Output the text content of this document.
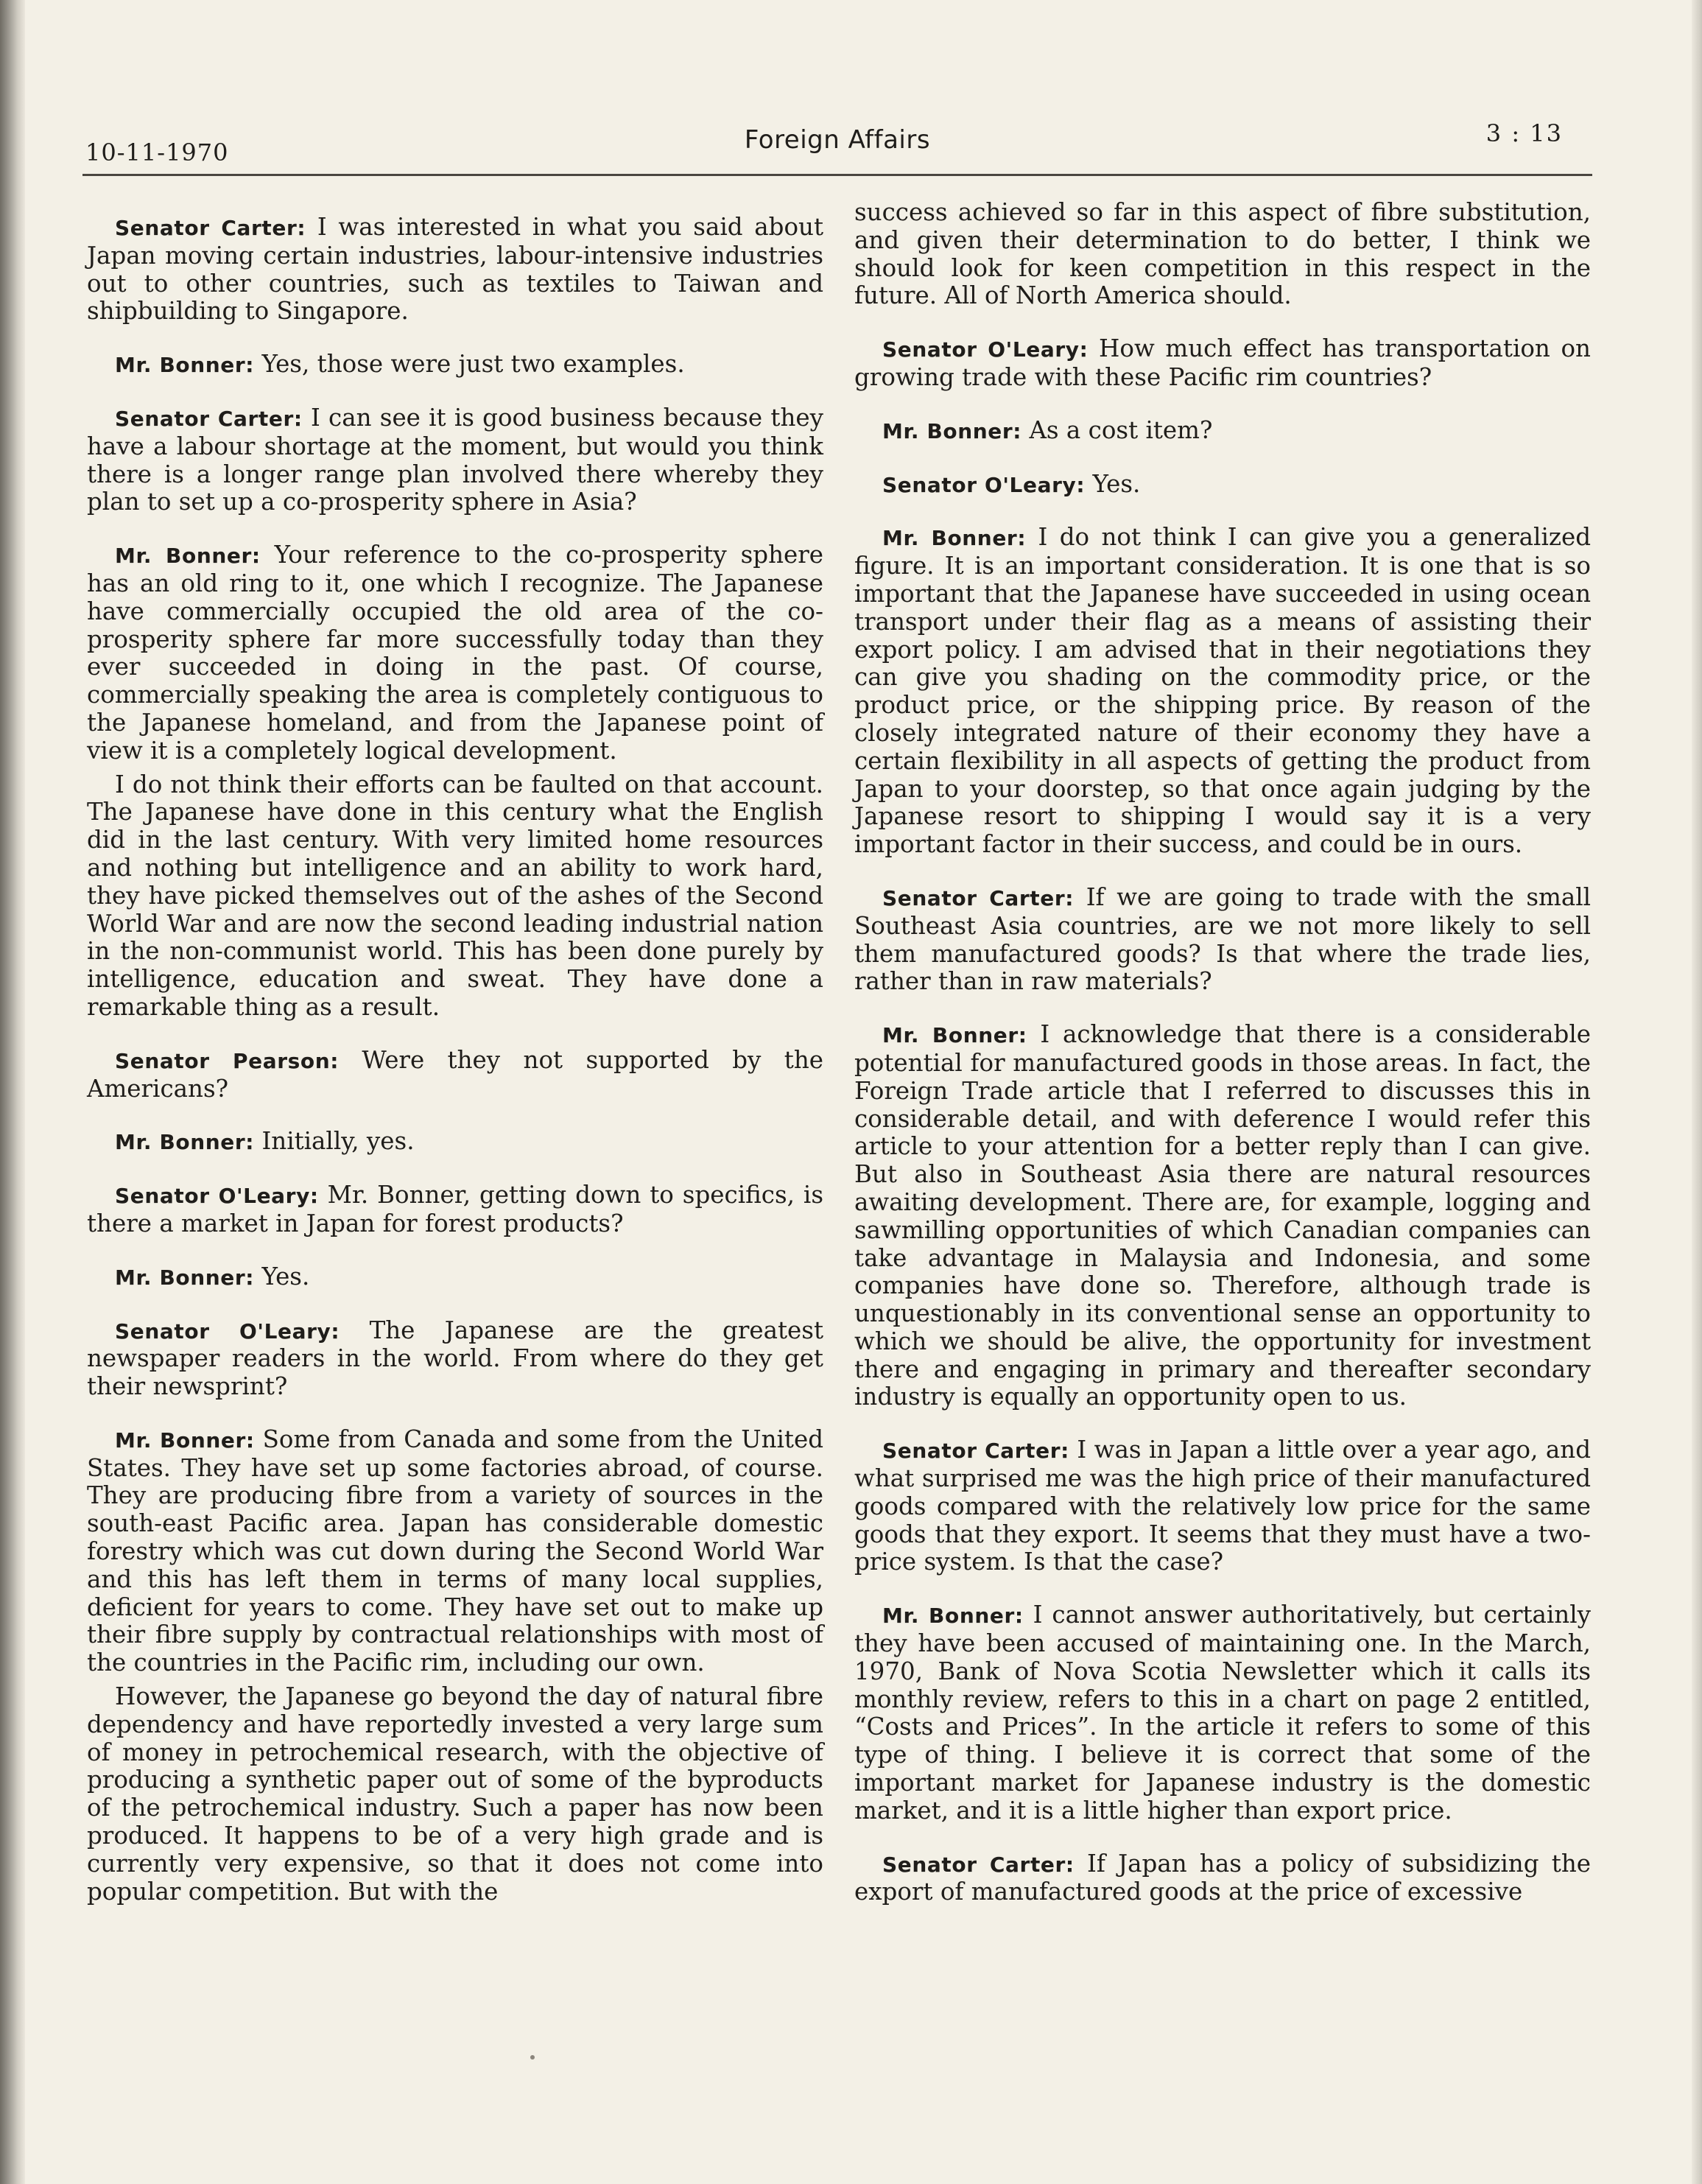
10-11-1970	Foreign Affairs	3 : 13

Senator Carter: I was interested in what you said about Japan moving certain industries, labour-intensive industries out to other countries, such as textiles to Taiwan and shipbuilding to Singapore.

Mr. Bonner: Yes, those were just two examples.

Senator Carter: I can see it is good business because they have a labour shortage at the moment, but would you think there is a longer range plan involved there whereby they plan to set up a co-prosperity sphere in Asia?

Mr. Bonner: Your reference to the co-prosperity sphere has an old ring to it, one which I recognize. The Japanese have commercially occupied the old area of the co-prosperity sphere far more successfully today than they ever succeeded in doing in the past. Of course, commercially speaking the area is completely contiguous to the Japanese homeland, and from the Japanese point of view it is a completely logical development.

I do not think their efforts can be faulted on that account. The Japanese have done in this century what the English did in the last century. With very limited home resources and nothing but intelligence and an ability to work hard, they have picked themselves out of the ashes of the Second World War and are now the second leading industrial nation in the non-communist world. This has been done purely by intelligence, education and sweat. They have done a remarkable thing as a result.

Senator Pearson: Were they not supported by the Americans?

Mr. Bonner: Initially, yes.

Senator O'Leary: Mr. Bonner, getting down to specifics, is there a market in Japan for forest products?

Mr. Bonner: Yes.

Senator O'Leary: The Japanese are the greatest newspaper readers in the world. From where do they get their newsprint?

Mr. Bonner: Some from Canada and some from the United States. They have set up some factories abroad, of course. They are producing fibre from a variety of sources in the south-east Pacific area. Japan has considerable domestic forestry which was cut down during the Second World War and this has left them in terms of many local supplies, deficient for years to come. They have set out to make up their fibre supply by contractual relationships with most of the countries in the Pacific rim, including our own.

However, the Japanese go beyond the day of natural fibre dependency and have reportedly invested a very large sum of money in petrochemical research, with the objective of producing a synthetic paper out of some of the byproducts of the petrochemical industry. Such a paper has now been produced. It happens to be of a very high grade and is currently very expensive, so that it does not come into popular competition. But with the

success achieved so far in this aspect of fibre substitution, and given their determination to do better, I think we should look for keen competition in this respect in the future. All of North America should.

Senator O'Leary: How much effect has transportation on growing trade with these Pacific rim countries?

Mr. Bonner: As a cost item?

Senator O'Leary: Yes.

Mr. Bonner: I do not think I can give you a generalized figure. It is an important consideration. It is one that is so important that the Japanese have succeeded in using ocean transport under their flag as a means of assisting their export policy. I am advised that in their negotiations they can give you shading on the commodity price, or the product price, or the shipping price. By reason of the closely integrated nature of their economy they have a certain flexibility in all aspects of getting the product from Japan to your doorstep, so that once again judging by the Japanese resort to shipping I would say it is a very important factor in their success, and could be in ours.

Senator Carter: If we are going to trade with the small Southeast Asia countries, are we not more likely to sell them manufactured goods? Is that where the trade lies, rather than in raw materials?

Mr. Bonner: I acknowledge that there is a considerable potential for manufactured goods in those areas. In fact, the Foreign Trade article that I referred to discusses this in considerable detail, and with deference I would refer this article to your attention for a better reply than I can give. But also in Southeast Asia there are natural resources awaiting development. There are, for example, logging and sawmilling opportunities of which Canadian companies can take advantage in Malaysia and Indonesia, and some companies have done so. Therefore, although trade is unquestionably in its conventional sense an opportunity to which we should be alive, the opportunity for investment there and engaging in primary and thereafter secondary industry is equally an opportunity open to us.

Senator Carter: I was in Japan a little over a year ago, and what surprised me was the high price of their manufactured goods compared with the relatively low price for the same goods that they export. It seems that they must have a two-price system. Is that the case?

Mr. Bonner: I cannot answer authoritatively, but certainly they have been accused of maintaining one. In the March, 1970, Bank of Nova Scotia Newsletter which it calls its monthly review, refers to this in a chart on page 2 entitled, “Costs and Prices”. In the article it refers to some of this type of thing. I believe it is correct that some of the important market for Japanese industry is the domestic market, and it is a little higher than export price.

Senator Carter: If Japan has a policy of subsidizing the export of manufactured goods at the price of excessive
